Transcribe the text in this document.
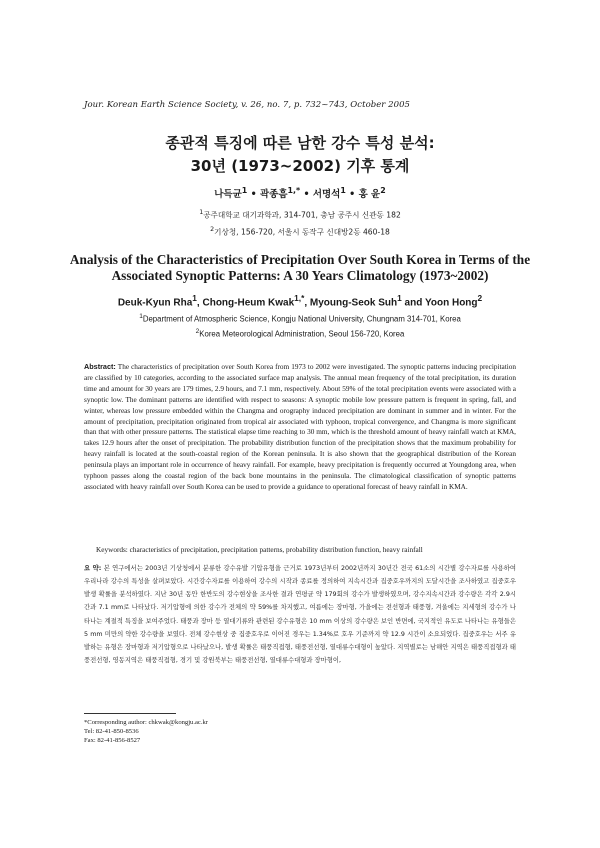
Jour. Korean Earth Science Society, v. 26, no. 7, p. 732~743, October 2005
종관적 특징에 따른 남한 강수 특성 분석:
30년 (1973~2002) 기후 통계
나득균$^1$ • 곽종흠$^{1,*}$ • 서명석$^1$ • 홍 윤$^2$
$^1$공주대학교 대기과학과, 314-701, 충남 공주시 신관동 182
$^2$기상청, 156-720, 서울시 동작구 신대방2동 460-18
Analysis of the Characteristics of Precipitation Over South Korea in Terms of the Associated Synoptic Patterns: A 30 Years Climatology (1973~2002)
Deuk-Kyun Rha$^1$, Chong-Heum Kwak$^{1,*}$, Myoung-Seok Suh$^1$ and Yoon Hong$^2$
$^1$Department of Atmospheric Science, Kongju National University, Chungnam 314-701, Korea
$^2$Korea Meteorological Administration, Seoul 156-720, Korea

Abstract: The characteristics of precipitation over South Korea from 1973 to 2002 were investigated. The synoptic patterns inducing precipitation are classified by 10 categories, according to the associated surface map analysis. The annual mean frequency of the total precipitation, its duration time and amount for 30 years are 179 times, 2.9 hours, and 7.1 mm, respectively. About 59% of the total precipitation events were associated with a synoptic low. The dominant patterns are identified with respect to seasons: A synoptic mobile low pressure pattern is frequent in spring, fall, and winter, whereas low pressure embedded within the Changma and orography induced precipitation are dominant in summer and in winter. For the amount of precipitation, precipitation originated from tropical air associated with typhoon, tropical convergence, and Changma is more significant than that with other pressure patterns. The statistical elapse time reaching to 30 mm, which is the threshold amount of heavy rainfall watch at KMA, takes 12.9 hours after the onset of precipitation. The probability distribution function of the precipitation shows that the maximum probability for heavy rainfall is located at the south-coastal region of the Korean peninsula. It is also shown that the geographical distribution of the Korean peninsula plays an important role in occurrence of heavy rainfall. For example, heavy precipitation is frequently occurred at Youngdong area, when typhoon passes along the coastal region of the back bone mountains in the peninsula. The climatological classification of synoptic patterns associated with heavy rainfall over South Korea can be used to provide a guidance to operational forecast of heavy rainfall in KMA.

Keywords: characteristics of precipitation, precipitation patterns, probability distribution function, heavy rainfall

요 약: 본 연구에서는 2003년 기상청에서 분류한 강수유발 기압유형을 근거로 1973년부터 2002년까지 30년간 전국 61소의 시간별 강수자료를 사용하여 우리나라 강수의 특성을 살펴보았다. 시간강수자료를 이용하여 강수의 시작과 종료를 정의하여 지속시간과 집중호우까지의 도달시간을 조사하였고 집중호우 발생 확률을 분석하였다. 지난 30년 동안 한반도의 강수현상을 조사한 결과 연평균 약 179회의 강수가 발생하였으며, 강수지속시간과 강수량은 각각 2.9시간과 7.1 mm로 나타났다. 저기압형에 의한 강수가 전체의 약 59%를 차지했고, 여름에는 장마형, 가을에는 전선형과 태풍형, 겨울에는 지세형의 강수가 나타나는 계절적 특징을 보여주었다. 태풍과 장마 등 열대기류와 관련된 강수유형은 10 mm 이상의 강수량은 보인 반면에, 국지적인 유도로 나타나는 유형들은 5 mm 미만의 약한 강수량을 보였다. 전체 강수현상 중 집중호우로 이어진 경우는 1.34%로 호우 기준까지 약 12.9 시간이 소요되었다. 집중호우는 서주 유발하는 유형은 장마형과 저기압형으로 나타났으나, 발생 확률은 태풍직접형, 태풍전선형, 열대류수대형이 높았다. 지역별로는 남해안 지역은 태풍직접형과 태풍전선형, 영동지역은 태풍직접형, 경기 및 강원북부는 태풍전선형, 열대류수대형과 장마형이,

*Corresponding author: chkwak@kongju.ac.kr
Tel: 82-41-850-8536
Fax: 82-41-856-8527
